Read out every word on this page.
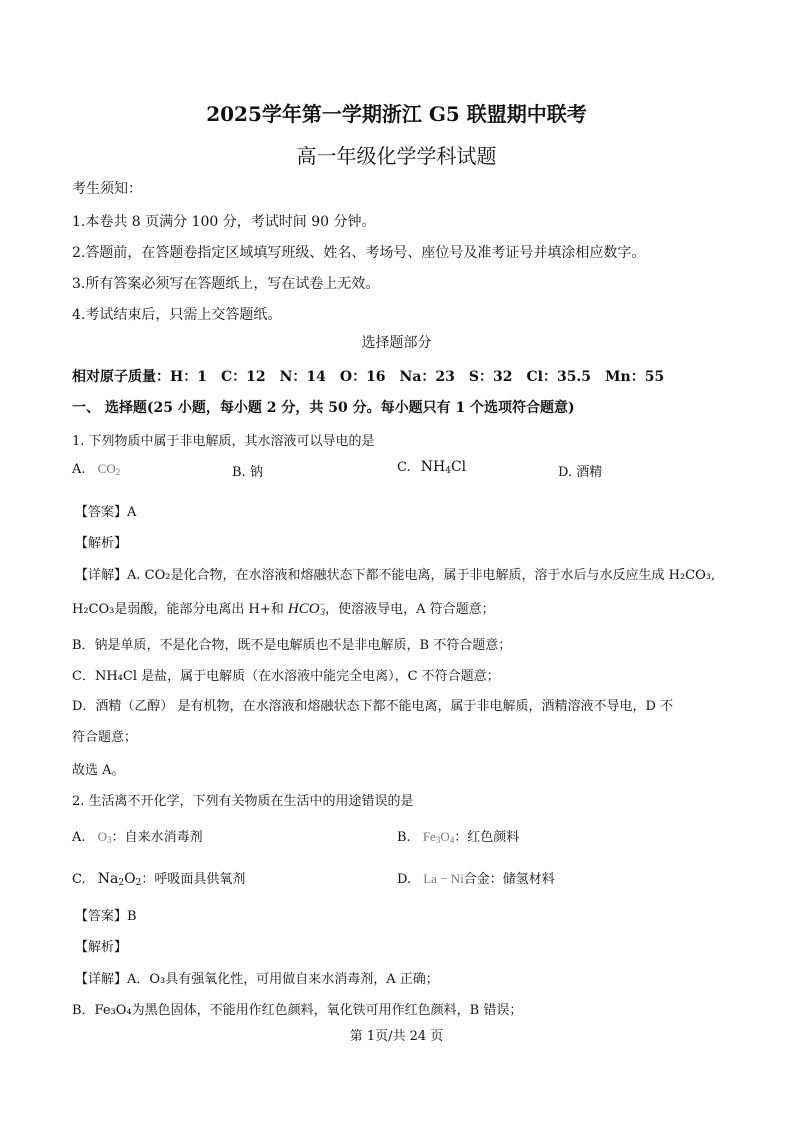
2025学年第一学期浙江 G5 联盟期中联考
高一年级化学学科试题
考生须知：
1.本卷共 8 页满分 100 分，考试时间 90 分钟。
2.答题前，在答题卷指定区域填写班级、姓名、考场号、座位号及准考证号并填涂相应数字。
3.所有答案必须写在答题纸上，写在试卷上无效。
4.考试结束后，只需上交答题纸。
选择题部分
相对原子质量：H：1　C：12　N：14　O：16　Na：23　S：32　Cl：35.5　Mn：55
一、 选择题(25 小题，每小题 2 分，共 50 分。每小题只有 1 个选项符合题意)
1. 下列物质中属于非电解质，其水溶液可以导电的是
A. $CO_2$	B. 钠	C. $NH_4Cl$	D. 酒精
【答案】A
【解析】
【详解】A. CO₂是化合物，在水溶液和熔融状态下都不能电离，属于非电解质，溶于水后与水反应生成 H₂CO₃,
H₂CO₃是弱酸，能部分电离出 H+和 $HCO^-_3$，使溶液导电，A 符合题意；
B．钠是单质，不是化合物，既不是电解质也不是非电解质，B 不符合题意；
C．NH₄Cl 是盐，属于电解质（在水溶液中能完全电离），C 不符合题意；
D．酒精（乙醇） 是有机物，在水溶液和熔融状态下都不能电离，属于非电解质，酒精溶液不导电，D 不
符合题意；
故选 A。
2. 生活离不开化学，下列有关物质在生活中的用途错误的是
A. $O_3$：自来水消毒剂	B. $Fe_3O_4$：红色颜料
C. $Na_2O_2$：呼吸面具供氧剂	D. La − Ni合金：储氢材料
【答案】B
【解析】
【详解】A．O₃具有强氧化性，可用做自来水消毒剂，A 正确；
B．Fe₃O₄为黑色固体，不能用作红色颜料，氧化铁可用作红色颜料，B 错误；
第 1页/共 24 页
